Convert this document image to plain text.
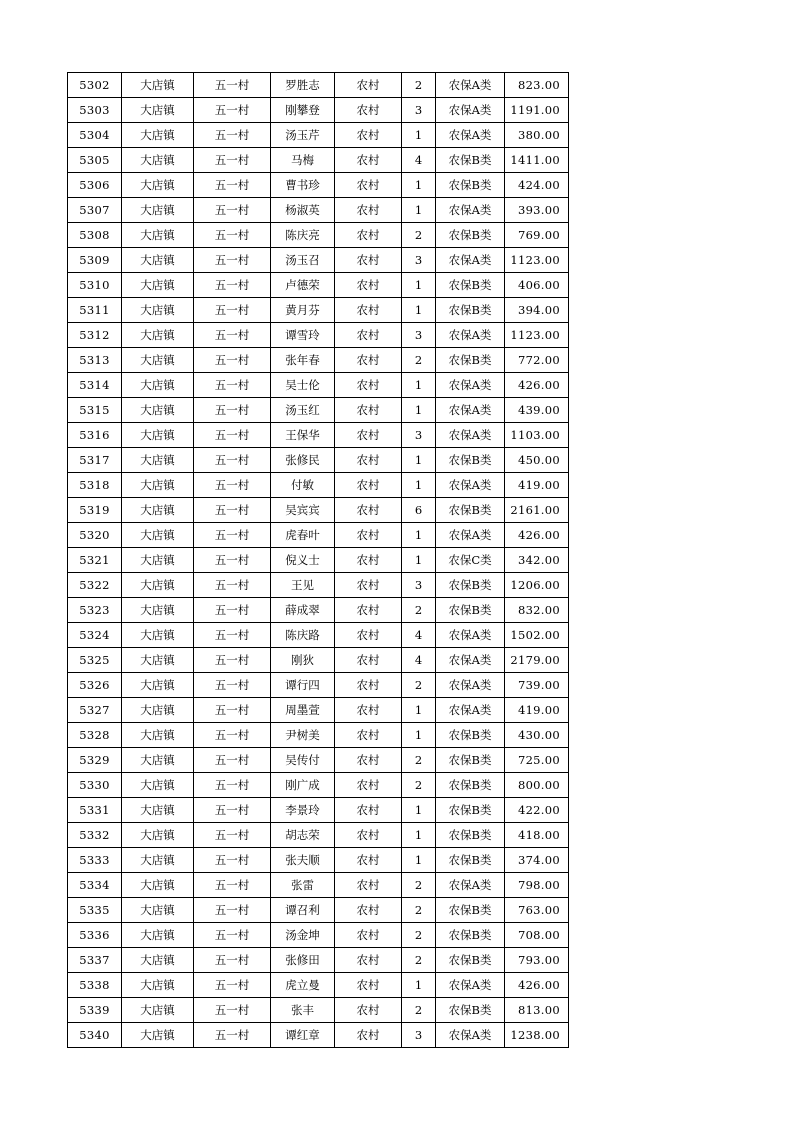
5302	大店镇	五一村	罗胜志	农村	2	农保A类	823.00
5303	大店镇	五一村	刚攀登	农村	3	农保A类	1191.00
5304	大店镇	五一村	汤玉芹	农村	1	农保A类	380.00
5305	大店镇	五一村	马梅	农村	4	农保B类	1411.00
5306	大店镇	五一村	曹书珍	农村	1	农保B类	424.00
5307	大店镇	五一村	杨淑英	农村	1	农保A类	393.00
5308	大店镇	五一村	陈庆亮	农村	2	农保B类	769.00
5309	大店镇	五一村	汤玉召	农村	3	农保A类	1123.00
5310	大店镇	五一村	卢德荣	农村	1	农保B类	406.00
5311	大店镇	五一村	黄月芬	农村	1	农保B类	394.00
5312	大店镇	五一村	谭雪玲	农村	3	农保A类	1123.00
5313	大店镇	五一村	张年春	农村	2	农保B类	772.00
5314	大店镇	五一村	吴士伦	农村	1	农保A类	426.00
5315	大店镇	五一村	汤玉红	农村	1	农保A类	439.00
5316	大店镇	五一村	王保华	农村	3	农保A类	1103.00
5317	大店镇	五一村	张修民	农村	1	农保B类	450.00
5318	大店镇	五一村	付敏	农村	1	农保A类	419.00
5319	大店镇	五一村	吴宾宾	农村	6	农保B类	2161.00
5320	大店镇	五一村	虎春叶	农村	1	农保A类	426.00
5321	大店镇	五一村	倪义士	农村	1	农保C类	342.00
5322	大店镇	五一村	王见	农村	3	农保B类	1206.00
5323	大店镇	五一村	薛成翠	农村	2	农保B类	832.00
5324	大店镇	五一村	陈庆路	农村	4	农保A类	1502.00
5325	大店镇	五一村	刚狄	农村	4	农保A类	2179.00
5326	大店镇	五一村	谭行四	农村	2	农保A类	739.00
5327	大店镇	五一村	周墨萱	农村	1	农保A类	419.00
5328	大店镇	五一村	尹树美	农村	1	农保B类	430.00
5329	大店镇	五一村	吴传付	农村	2	农保B类	725.00
5330	大店镇	五一村	刚广成	农村	2	农保B类	800.00
5331	大店镇	五一村	李景玲	农村	1	农保B类	422.00
5332	大店镇	五一村	胡志荣	农村	1	农保B类	418.00
5333	大店镇	五一村	张夫顺	农村	1	农保B类	374.00
5334	大店镇	五一村	张雷	农村	2	农保A类	798.00
5335	大店镇	五一村	谭召利	农村	2	农保B类	763.00
5336	大店镇	五一村	汤金坤	农村	2	农保B类	708.00
5337	大店镇	五一村	张修田	农村	2	农保B类	793.00
5338	大店镇	五一村	虎立曼	农村	1	农保A类	426.00
5339	大店镇	五一村	张丰	农村	2	农保B类	813.00
5340	大店镇	五一村	谭红章	农村	3	农保A类	1238.00
